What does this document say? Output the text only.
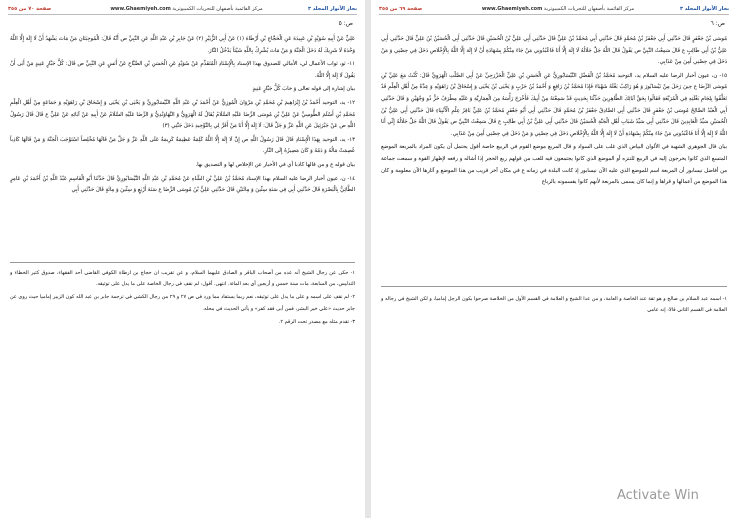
بحار الأنوار المجلد ٣
مركز القائمية بأصفهان للتحريات الكمبيوترية www.Ghaemiyeh.com
صفحة ٧٠ من ٣٥٥
ص: ٥

عَلِيٍّ عَنْ أَبِيهِ سُوَيْدٍ بْنِ عَبِيدَةَ عَنِ الْحَجَّاجِ بْنِ أَرْطَاةَ (١) عَنْ أَبِي الزُّبَيْرِ (٢) عَنْ جَابِرِ بْنِ عَبْدِ اللَّهِ عَنِ النَّبِيِّ ص أَنَّهُ قَالَ: الْمُوجِبَتَانِ مَنْ مَاتَ يَشْهَدُ أَنْ لَا إِلَهَ إِلَّا اللَّهُ وَحْدَهُ لَا شَرِيكَ لَهُ دَخَلَ الْجَنَّةَ وَ مَنْ مَاتَ يُشْرِكُ بِاللَّهِ شَيْئاً يَدْخُلُ النَّارَ.

١١- ثو، ثواب الأعمال لي، الأمالي للصدوق بهذا الإسناد بِالْإِسْنَادِ الْمُتَقَدِّمِ عَنْ سُوَيْدٍ عَنِ الْحَسَنِ بْنِ الصَّبَّاحِ عَنْ أَنَسٍ عَنِ النَّبِيِّ ص قَالَ: كُلُّ جَبَّارٍ عَنِيدٍ مَنْ أَبَى أَنْ يَقُولَ لَا إِلَهَ إِلَّا اللَّهُ.

بيان إشارة إلى قوله تعالى وَ خابَ كُلُّ جَبَّارٍ عَنِيدٍ

١٢- يد، التوحيد أَحْمَدُ بْنُ إِبْرَاهِيمَ بْنِ مُحَمَّدِ بْنِ مَرْوَانَ الْمُوزِيُّ عَنْ أَحْمَدَ بْنِ عَبْدِ اللَّهِ النَّيْسَابُورِيِّ وَ يَحْيَى بْنِ يَحْيَى وَ إِسْحَاقَ بْنِ رَاهَوَيْهِ وَ جَمَاعَةٍ مِنْ أَهْلِ الْعِلْمِ مُحَمَّدِ بْنِ أَسْلَمَ الطُّوسِيِّ عَنْ عَلِيِّ بْنِ مُوسَى الرِّضَا عَلَيْهِ السَّلَامُ يُقَالُ لَهُ الْهَرَوِيُّ وَ النَّهَاوَنْدِيُّ وَ الرِّضَا عَلَيْهِ السَّلَامُ عَنْ أَبِيهِ عَنْ آبَائِهِ عَنْ عَلِيٍّ ع قَالَ قَالَ رَسُولُ اللَّهِ ص عَنْ جَبْرَئِيلَ عَنِ اللَّهِ عَزَّ وَ جَلَّ قَالَ: لَا إِلَهَ إِلَّا أَنَا مَنْ أَقَرَّ لِي بِالتَّوْحِيدِ دَخَلَ جَنَّتِي (٣)

١٣- يد، التوحيد بِهَذَا الْإِسْنَادِ قَالَ قَالَ رَسُولُ اللَّهِ ص إِنَّ لَا إِلَهَ إِلَّا اللَّهُ كَلِمَةٌ عَظِيمَةٌ كَرِيمَةٌ عَلَى اللَّهِ عَزَّ وَ جَلَّ مَنْ قَالَهَا مُخْلِصاً اسْتَوْجَبَ الْجَنَّةَ وَ مَنْ قَالَهَا كَاذِباً عُصِمَتْ مَالُهُ وَ دَمُهُ وَ كَانَ مَصِيرُهُ إِلَى النَّارِ.

بيان قوله ع و من قالها كاذبا أي في الأخبار عن الإخلاص لها و التصديق بها.

١٤- ن، عيون أخبار الرضا عليه السلام بهذا الإسناد مُحَمَّدُ بْنُ عَلِيِّ بْنِ الشَّاهِ عَنْ مُحَمَّدِ بْنِ عَبْدِ اللَّهِ النَّيْسَابُورِيِّ قَالَ حَدَّثَنَا أَبُو الْقَاسِمِ عَبْدُ اللَّهِ بْنُ أَحْمَدَ بْنِ عَامِرٍ الطَّائِيُّ بِالْبَصْرَةِ قَالَ حَدَّثَنِي أَبِي فِي سَنَةِ سِتِّينَ وَ مِائَتَيْنِ قَالَ حَدَّثَنِي عَلِيُّ بْنُ مُوسَى الرِّضَا ع سَنَةَ أَرْبَعٍ وَ سِتِّينَ وَ مِائَةٍ قَالَ حَدَّثَنِي أَبِي

١- حكى عن رجال الشيخ أنه عده من أصحاب الباقر و الصادق عليهما السلام، و عن تقريب ان حجاج بن ارطاة الكوفي القاضي أحد الفقهاء، صدوق كثير الخطاء و التدليس، من السابعة، مات سنة خمس و أربعين أي بعد المائة. انتهى. أقول: لم نقف في رجال الخاصة على ما يدل على توثيقه.

٢- لم نقف على اسمه و على ما يدل على توثيقه، نعم ربما يستفاد مما ورد في ص ٢٧ و ٢٩ من رجال الكشي في ترجمة جابر بن عبد الله كون الزبير إماميا حيث روى عن جابر حديث «علي خير البشر، فمن أبى فقد كفر» و يأتي الحديث في محله.

٣- تقدم مثله مع مصدر تحت الرقم ٢.

بحار الأنوار المجلد ٣
مركز القائمية بأصفهان للتحريات الكمبيوترية www.Ghaemiyeh.com
صفحة ٦٩ من ٣٥٥
ص: ٦

مُوسَى بْنُ جَعْفَرٍ قَالَ حَدَّثَنِي أَبِي جَعْفَرُ بْنُ مُحَمَّدٍ قَالَ حَدَّثَنِي أَبِي مُحَمَّدُ بْنُ عَلِيٍّ قَالَ حَدَّثَنِي أَبِي عَلِيُّ بْنُ الْحُسَيْنِ قَالَ حَدَّثَنِي أَبِي الْحُسَيْنُ بْنُ عَلِيٍّ قَالَ حَدَّثَنِي أَبِي عَلِيُّ بْنُ أَبِي طَالِبٍ ع قَالَ سَمِعْتُ النَّبِيَّ ص يَقُولُ قَالَ اللَّهُ جَلَّ جَلَالُهُ لَا إِلَهَ إِلَّا أَنَا فَاعْبُدُونِي مَنْ جَاءَ مِنْكُمْ بِشَهَادَةِ أَنْ لَا إِلَهَ إِلَّا اللَّهُ بِالْإِخْلَاصِ دَخَلَ فِي حِصْنِي وَ مَنْ دَخَلَ فِي حِصْنِي أَمِنَ مِنْ عَذَابِي.

١٥- ن، عيون أخبار الرضا عليه السلام يد، التوحيد مُحَمَّدُ بْنُ الْفَضْلِ النَّيْسَابُورِيُّ عَنِ الْحَسَنِ بْنِ عَلِيٍّ الْخَزْرَجِيِّ عَنْ أَبِي الصَّلْتِ الْهَرَوِيِّ قَالَ: كُنْتُ مَعَ عَلِيِّ بْنِ مُوسَى الرِّضَا ع حِينَ رَحَلَ مِنْ نَيْسَابُورَ وَ هُوَ رَاكِبٌ بَغْلَةً شَهْبَاءَ فَإِذَا مُحَمَّدُ بْنُ رَافِعٍ وَ أَحْمَدُ بْنُ حَرْبٍ وَ يَحْيَى بْنُ يَحْيَى وَ إِسْحَاقُ بْنُ رَاهَوَيْهِ وَ عِدَّةٌ مِنْ أَهْلِ الْعِلْمِ قَدْ تَعَلَّقُوا بِلِجَامِ بَغْلَتِهِ فِي الْمُرَبَّعَةِ فَقَالُوا بِحَقِّ آبَائِكَ الطَّاهِرِينَ حَدِّثْنَا بِحَدِيثٍ قَدْ سَمِعْتَهُ مِنْ أَبِيكَ فَأَخْرَجَ رَأْسَهُ مِنَ الْعِمَارِيَّةِ وَ عَلَيْهِ مِطْرَفُ خَزٍّ ذُو وَجْهَيْنِ وَ قَالَ حَدَّثَنِي أَبِي الْعَبْدُ الصَّالِحُ مُوسَى بْنُ جَعْفَرٍ قَالَ حَدَّثَنِي أَبِي الصَّادِقُ جَعْفَرُ بْنُ مُحَمَّدٍ قَالَ حَدَّثَنِي أَبِي أَبُو جَعْفَرٍ مُحَمَّدُ بْنُ عَلِيٍّ بَاقِرُ عِلْمِ الْأَنْبِيَاءِ قَالَ حَدَّثَنِي أَبِي عَلِيُّ بْنُ الْحُسَيْنِ سَيِّدُ الْعَابِدِينَ قَالَ حَدَّثَنِي أَبِي سَيِّدُ شَبَابِ أَهْلِ الْجَنَّةِ الْحُسَيْنُ قَالَ حَدَّثَنِي أَبِي عَلِيُّ بْنُ أَبِي طَالِبٍ ع قَالَ سَمِعْتُ النَّبِيَّ ص يَقُولُ قَالَ اللَّهُ جَلَّ جَلَالُهُ إِنِّي أَنَا اللَّهُ لَا إِلَهَ إِلَّا أَنَا فَاعْبُدُونِي مَنْ جَاءَ مِنْكُمْ بِشَهَادَةِ أَنْ لَا إِلَهَ إِلَّا اللَّهُ بِالْإِخْلَاصِ دَخَلَ فِي حِصْنِي وَ مَنْ دَخَلَ فِي حِصْنِي أَمِنَ مِنْ عَذَابِي.

بيان قال الجوهري الشهبة في الألوان البياض الذي غلب على السواد و قال المربع موضع القوم في الربيع خاصة أقول يحتمل أن يكون المراد بالمربعة الموضع المتسع الذي كانوا يخرجون إليه في الربيع للتنزه أو الموضع الذي كانوا يجتمعون فيه للعب من قولهم ربع الحجر إذا أشاله و رفعه لإظهار القوة و سمعت جماعة من أفاضل نيسابور أن المربعة اسم للموضع الذي عليه الآن نيسابور إذ كانت البلدة في زمانه ع في مكان آخر قريب من هذا الموضع و آثارها الآن معلومة و كان هذا الموضع من أعمالها و قراها و إنما كان يسمى بالمربعة لأنهم كانوا يقسمونه بالرباع

١- اسمه عبد السلام بن صالح و هو ثقة عند الخاصة و العامة، و من عدا الشيخ و العلامة في القسم الأول من الخلاصة صرحوا بكون الرجل إماميا، و لكن الشيخ في رجاله و العلامة في القسم الثاني قالا: إنه عامي

Activate Win
